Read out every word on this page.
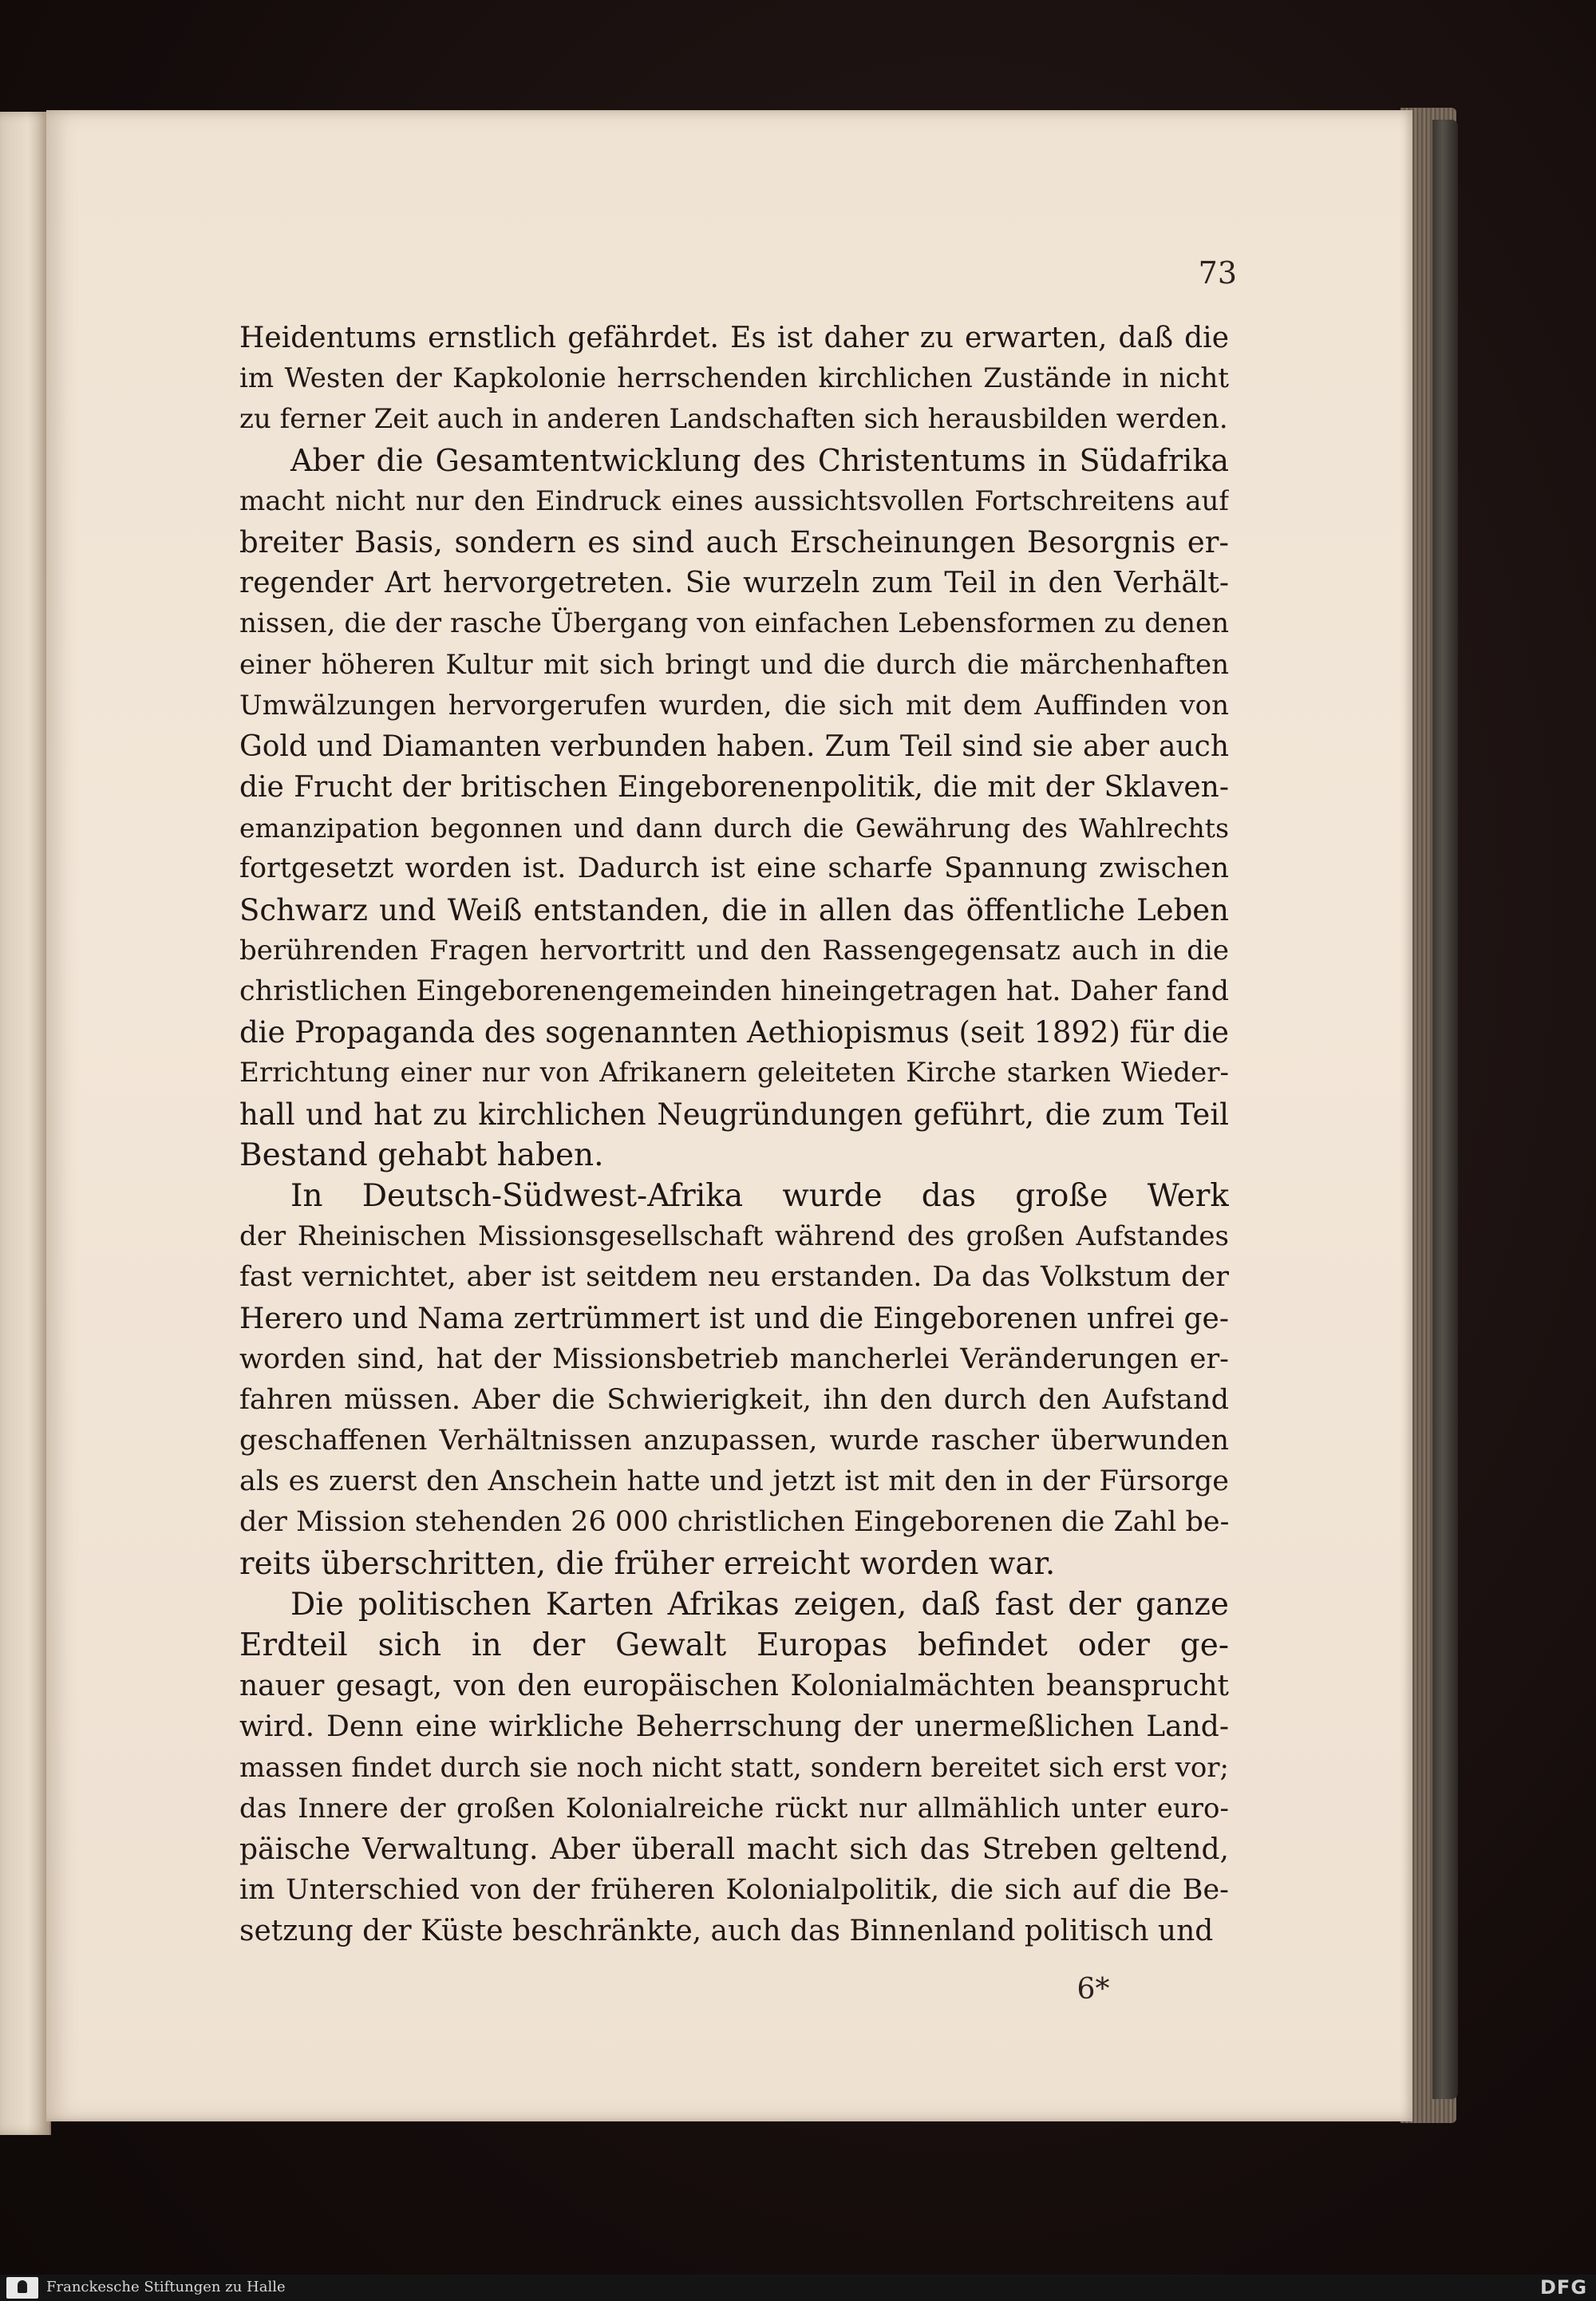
73
Heidentums ernstlich gefährdet. Es ist daher zu erwarten, daß die
im Westen der Kapkolonie herrschenden kirchlichen Zustände in nicht
zu ferner Zeit auch in anderen Landschaften sich herausbilden werden.
Aber die Gesamtentwicklung des Christentums in Südafrika
macht nicht nur den Eindruck eines aussichtsvollen Fortschreitens auf
breiter Basis, sondern es sind auch Erscheinungen Besorgnis er-
regender Art hervorgetreten. Sie wurzeln zum Teil in den Verhält-
nissen, die der rasche Übergang von einfachen Lebensformen zu denen
einer höheren Kultur mit sich bringt und die durch die märchenhaften
Umwälzungen hervorgerufen wurden, die sich mit dem Auffinden von
Gold und Diamanten verbunden haben. Zum Teil sind sie aber auch
die Frucht der britischen Eingeborenenpolitik, die mit der Sklaven-
emanzipation begonnen und dann durch die Gewährung des Wahlrechts
fortgesetzt worden ist. Dadurch ist eine scharfe Spannung zwischen
Schwarz und Weiß entstanden, die in allen das öffentliche Leben
berührenden Fragen hervortritt und den Rassengegensatz auch in die
christlichen Eingeborenengemeinden hineingetragen hat. Daher fand
die Propaganda des sogenannten Aethiopismus (seit 1892) für die
Errichtung einer nur von Afrikanern geleiteten Kirche starken Wieder-
hall und hat zu kirchlichen Neugründungen geführt, die zum Teil
Bestand gehabt haben.
In Deutsch-Südwest-Afrika wurde das große Werk
der Rheinischen Missionsgesellschaft während des großen Aufstandes
fast vernichtet, aber ist seitdem neu erstanden. Da das Volkstum der
Herero und Nama zertrümmert ist und die Eingeborenen unfrei ge-
worden sind, hat der Missionsbetrieb mancherlei Veränderungen er-
fahren müssen. Aber die Schwierigkeit, ihn den durch den Aufstand
geschaffenen Verhältnissen anzupassen, wurde rascher überwunden
als es zuerst den Anschein hatte und jetzt ist mit den in der Fürsorge
der Mission stehenden 26 000 christlichen Eingeborenen die Zahl be-
reits überschritten, die früher erreicht worden war.
Die politischen Karten Afrikas zeigen, daß fast der ganze
Erdteil sich in der Gewalt Europas befindet oder ge-
nauer gesagt, von den europäischen Kolonialmächten beansprucht
wird. Denn eine wirkliche Beherrschung der unermeßlichen Land-
massen findet durch sie noch nicht statt, sondern bereitet sich erst vor;
das Innere der großen Kolonialreiche rückt nur allmählich unter euro-
päische Verwaltung. Aber überall macht sich das Streben geltend,
im Unterschied von der früheren Kolonialpolitik, die sich auf die Be-
setzung der Küste beschränkte, auch das Binnenland politisch und
6*
Franckesche Stiftungen zu Halle	DFG
